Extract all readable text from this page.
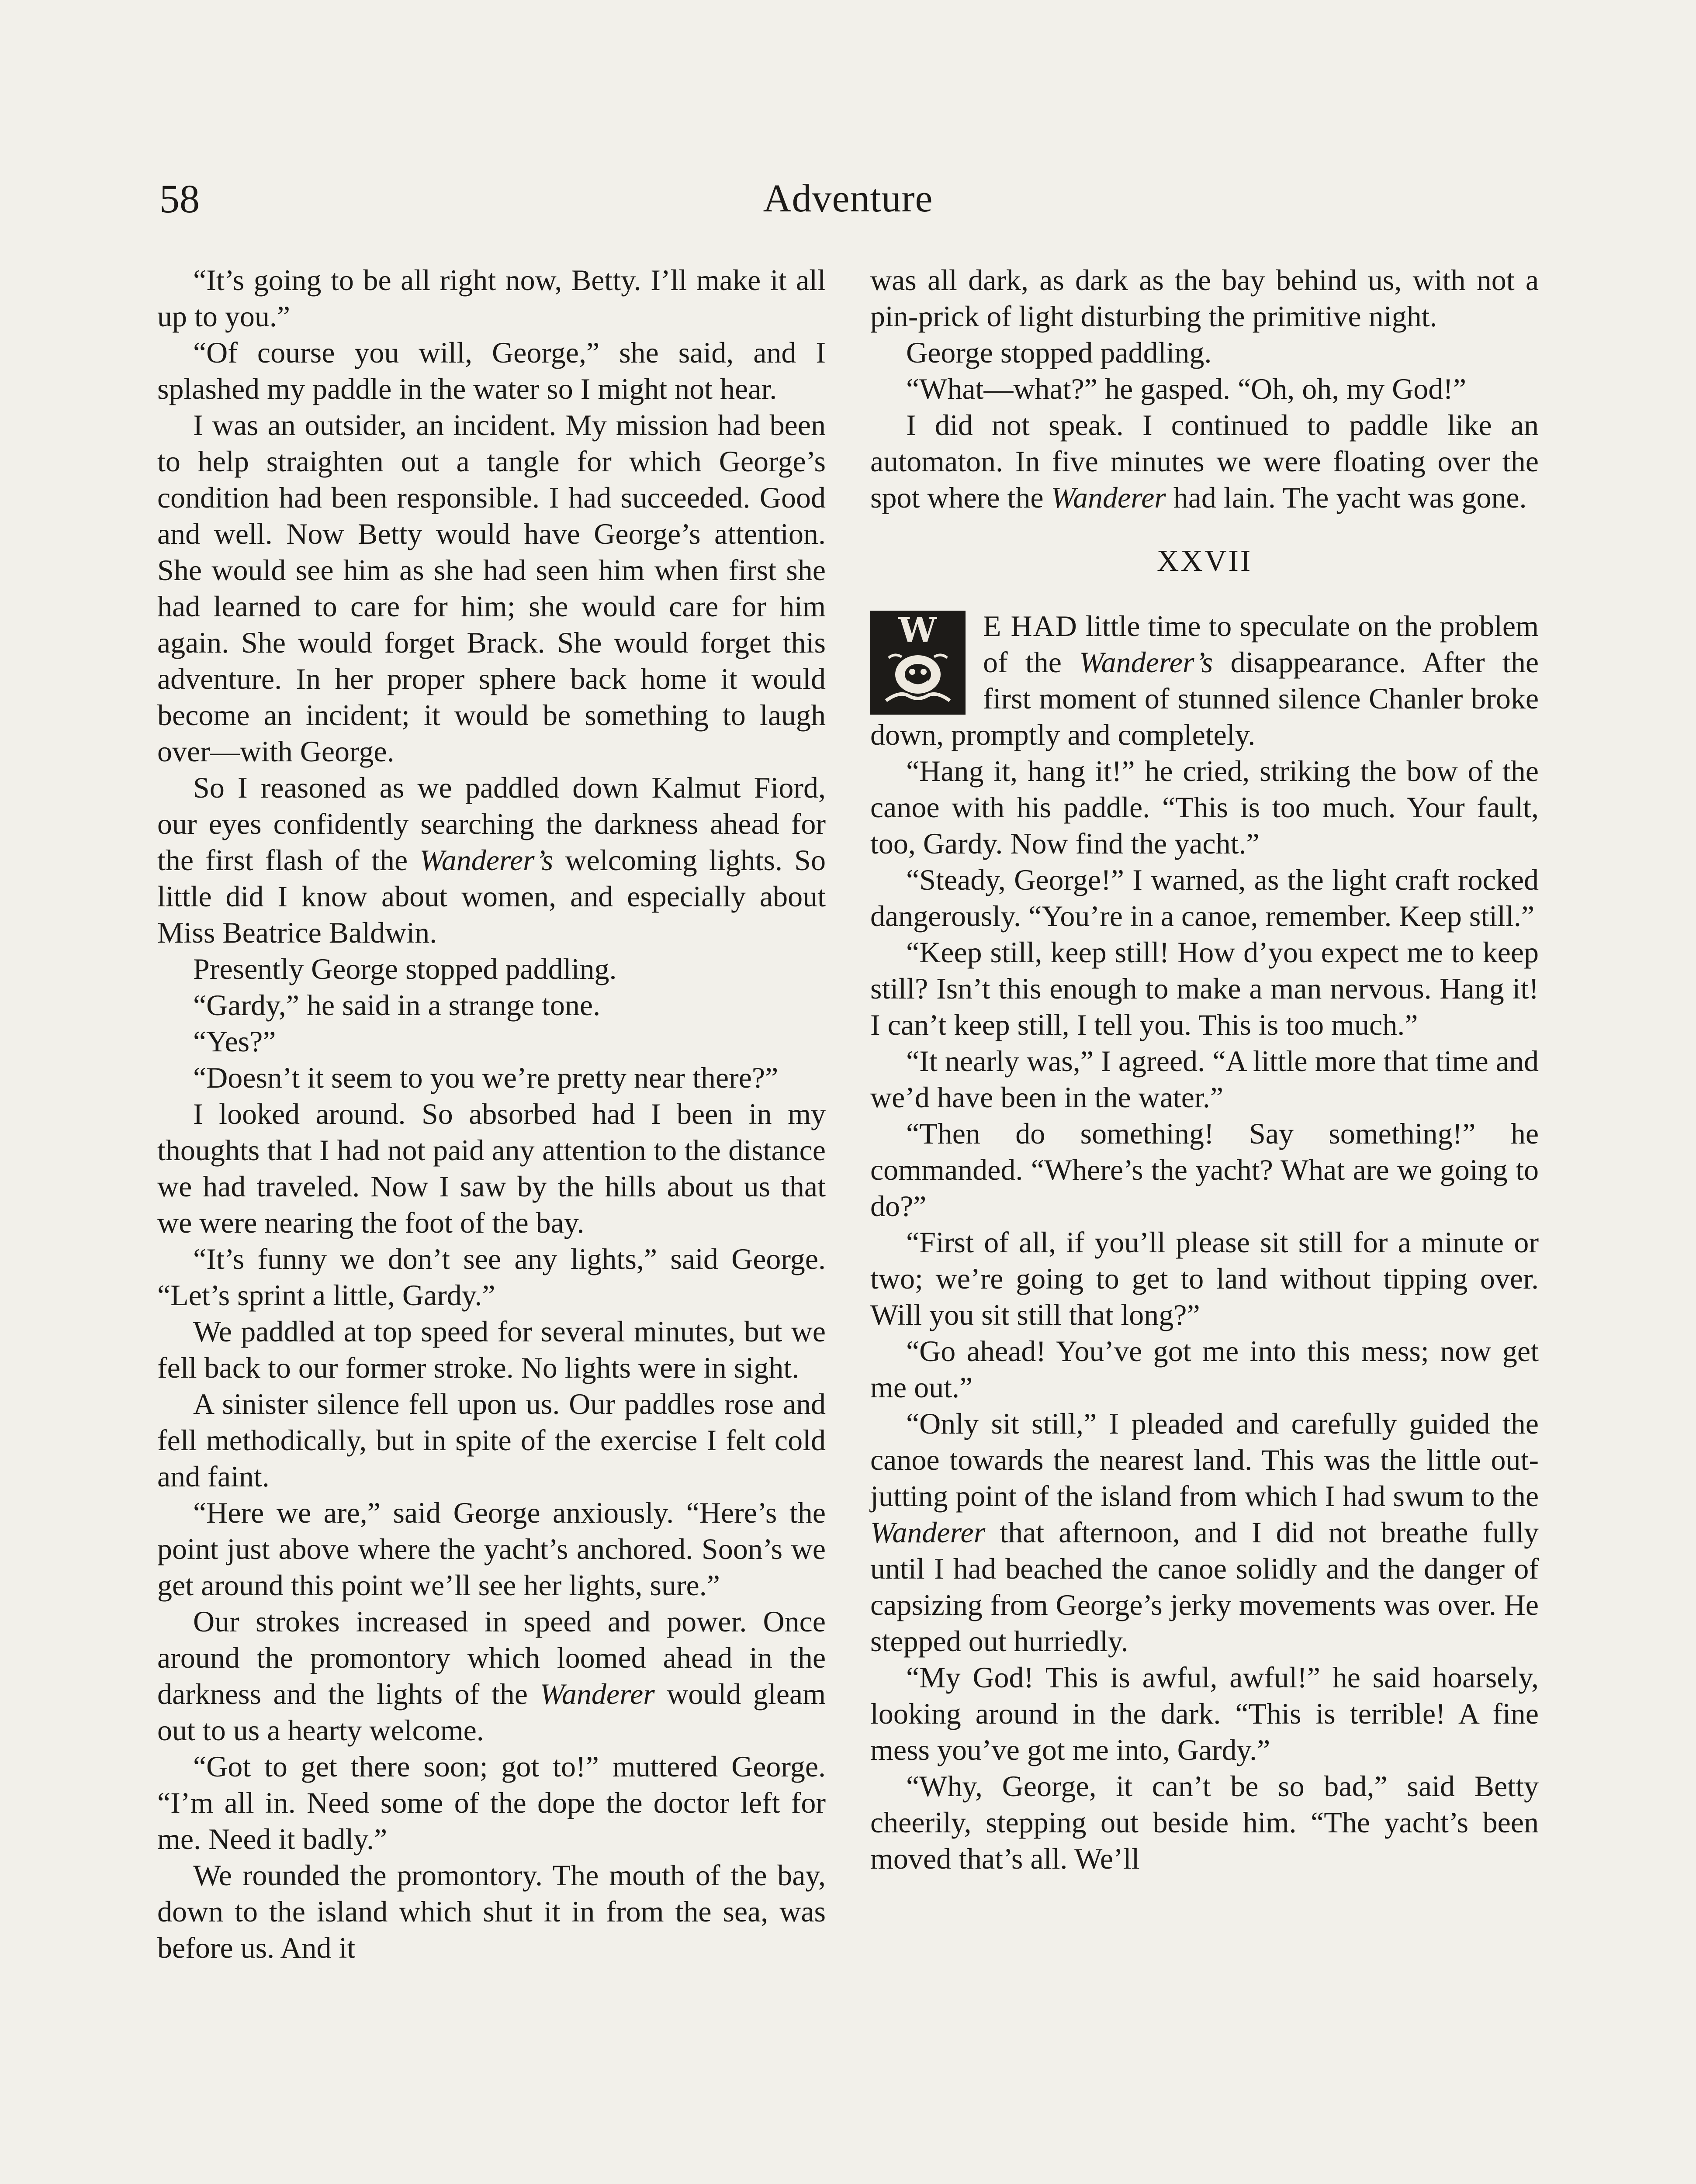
58	Adventure

“It’s going to be all right now, Betty. I’ll make it all up to you.”

“Of course you will, George,” she said, and I splashed my paddle in the water so I might not hear.

I was an outsider, an incident. My mission had been to help straighten out a tangle for which George’s condition had been responsible. I had succeeded. Good and well. Now Betty would have George’s attention. She would see him as she had seen him when first she had learned to care for him; she would care for him again. She would forget Brack. She would forget this adventure. In her proper sphere back home it would become an incident; it would be something to laugh over—with George.

So I reasoned as we paddled down Kalmut Fiord, our eyes confidently searching the darkness ahead for the first flash of the Wanderer’s welcoming lights. So little did I know about women, and especially about Miss Beatrice Baldwin.

Presently George stopped paddling.

“Gardy,” he said in a strange tone.

“Yes?”

“Doesn’t it seem to you we’re pretty near there?”

I looked around. So absorbed had I been in my thoughts that I had not paid any attention to the distance we had traveled. Now I saw by the hills about us that we were nearing the foot of the bay.

“It’s funny we don’t see any lights,” said George. “Let’s sprint a little, Gardy.”

We paddled at top speed for several minutes, but we fell back to our former stroke. No lights were in sight.

A sinister silence fell upon us. Our paddles rose and fell methodically, but in spite of the exercise I felt cold and faint.

“Here we are,” said George anxiously. “Here’s the point just above where the yacht’s anchored. Soon’s we get around this point we’ll see her lights, sure.”

Our strokes increased in speed and power. Once around the promontory which loomed ahead in the darkness and the lights of the Wanderer would gleam out to us a hearty welcome.

“Got to get there soon; got to!” muttered George. “I’m all in. Need some of the dope the doctor left for me. Need it badly.”

We rounded the promontory. The mouth of the bay, down to the island which shut it in from the sea, was before us. And it

was all dark, as dark as the bay behind us, with not a pin-prick of light disturbing the primitive night.

George stopped paddling.

“What—what?” he gasped. “Oh, oh, my God!”

I did not speak. I continued to paddle like an automaton. In five minutes we were floating over the spot where the Wanderer had lain. The yacht was gone.

XXVII
W	E HAD little time to speculate on the problem of the Wanderer’s disappearance. After the first moment of stunned silence Chanler broke down, promptly and completely.

“Hang it, hang it!” he cried, striking the bow of the canoe with his paddle. “This is too much. Your fault, too, Gardy. Now find the yacht.”

“Steady, George!” I warned, as the light craft rocked dangerously. “You’re in a canoe, remember. Keep still.”

“Keep still, keep still! How d’you expect me to keep still? Isn’t this enough to make a man nervous. Hang it! I can’t keep still, I tell you. This is too much.”

“It nearly was,” I agreed. “A little more that time and we’d have been in the water.”

“Then do something! Say something!” he commanded. “Where’s the yacht? What are we going to do?”

“First of all, if you’ll please sit still for a minute or two; we’re going to get to land without tipping over. Will you sit still that long?”

“Go ahead! You’ve got me into this mess; now get me out.”

“Only sit still,” I pleaded and carefully guided the canoe towards the nearest land. This was the little out-jutting point of the island from which I had swum to the Wanderer that afternoon, and I did not breathe fully until I had beached the canoe solidly and the danger of capsizing from George’s jerky movements was over. He stepped out hurriedly.

“My God! This is awful, awful!” he said hoarsely, looking around in the dark. “This is terrible! A fine mess you’ve got me into, Gardy.”

“Why, George, it can’t be so bad,” said Betty cheerily, stepping out beside him. “The yacht’s been moved that’s all. We’ll
